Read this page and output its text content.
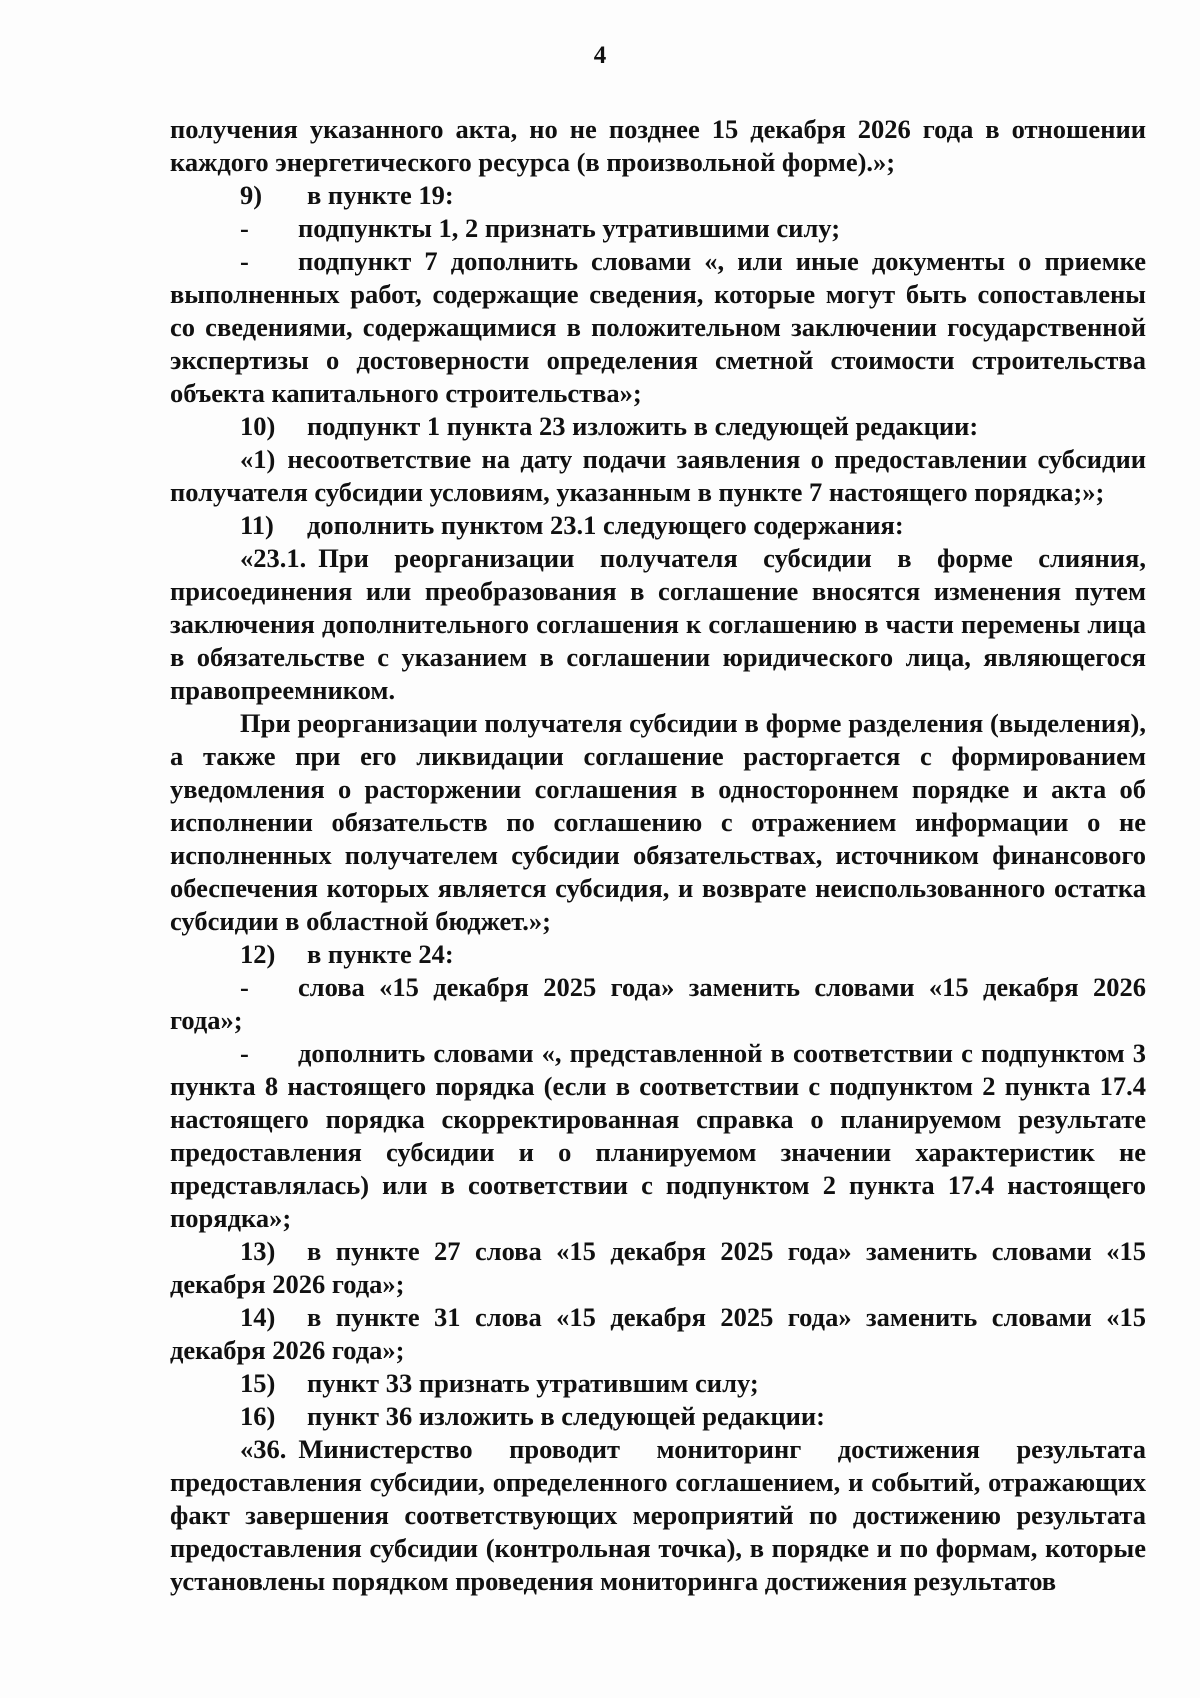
4

получения указанного акта, но не позднее 15 декабря 2026 года в отношении каждого энергетического ресурса (в произвольной форме).»;

9) в пункте 19:

- подпункты 1, 2 признать утратившими силу;

- подпункт 7 дополнить словами «, или иные документы о приемке выполненных работ, содержащие сведения, которые могут быть сопоставлены со сведениями, содержащимися в положительном заключении государственной экспертизы о достоверности определения сметной стоимости строительства объекта капитального строительства»;

10) подпункт 1 пункта 23 изложить в следующей редакции:

«1) несоответствие на дату подачи заявления о предоставлении субсидии получателя субсидии условиям, указанным в пункте 7 настоящего порядка;»;

11) дополнить пунктом 23.1 следующего содержания:

«23.1. При реорганизации получателя субсидии в форме слияния, присоединения или преобразования в соглашение вносятся изменения путем заключения дополнительного соглашения к соглашению в части перемены лица в обязательстве с указанием в соглашении юридического лица, являющегося правопреемником.

При реорганизации получателя субсидии в форме разделения (выделения), а также при его ликвидации соглашение расторгается с формированием уведомления о расторжении соглашения в одностороннем порядке и акта об исполнении обязательств по соглашению с отражением информации о не исполненных получателем субсидии обязательствах, источником финансового обеспечения которых является субсидия, и возврате неиспользованного остатка субсидии в областной бюджет.»;

12) в пункте 24:

- слова «15 декабря 2025 года» заменить словами «15 декабря 2026 года»;

- дополнить словами «, представленной в соответствии с подпунктом 3 пункта 8 настоящего порядка (если в соответствии с подпунктом 2 пункта 17.4 настоящего порядка скорректированная справка о планируемом результате предоставления субсидии и о планируемом значении характеристик не представлялась) или в соответствии с подпунктом 2 пункта 17.4 настоящего порядка»;

13) в пункте 27 слова «15 декабря 2025 года» заменить словами «15 декабря 2026 года»;

14) в пункте 31 слова «15 декабря 2025 года» заменить словами «15 декабря 2026 года»;

15) пункт 33 признать утратившим силу;

16) пункт 36 изложить в следующей редакции:

«36. Министерство проводит мониторинг достижения результата предоставления субсидии, определенного соглашением, и событий, отражающих факт завершения соответствующих мероприятий по достижению результата предоставления субсидии (контрольная точка), в порядке и по формам, которые установлены порядком проведения мониторинга достижения результатов
